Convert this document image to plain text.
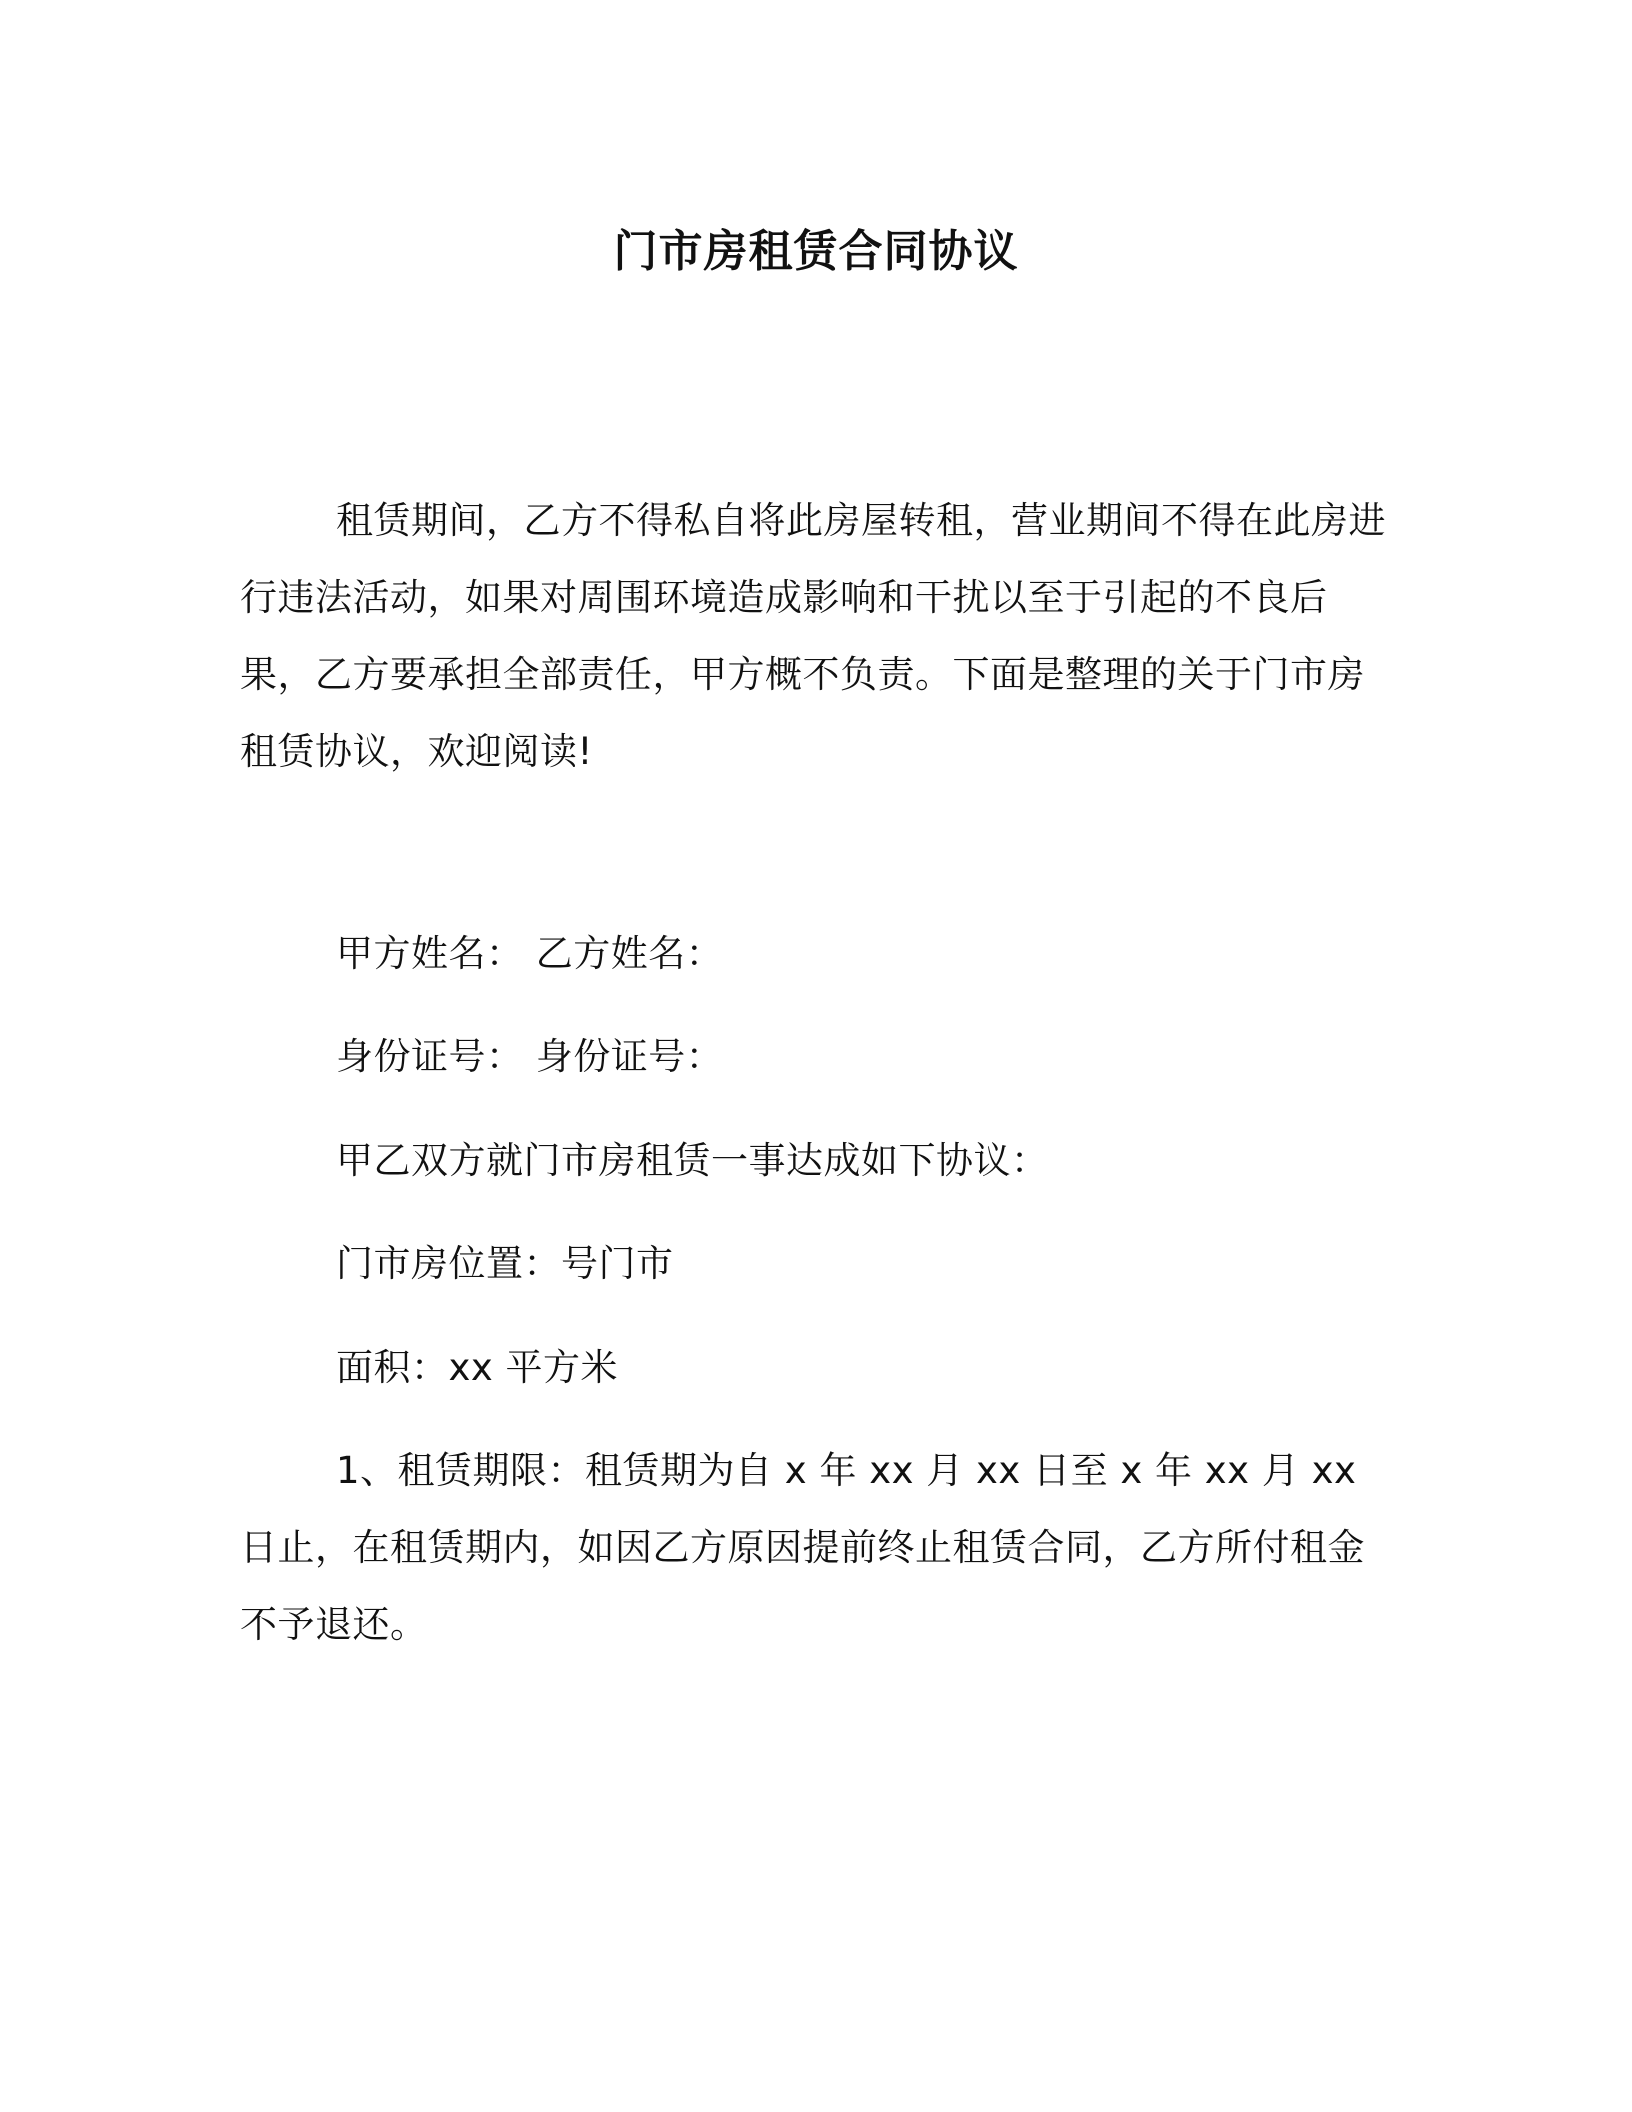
门市房租赁合同协议

租赁期间，乙方不得私自将此房屋转租，营业期间不得在此房进行违法活动，如果对周围环境造成影响和干扰以至于引起的不良后果，乙方要承担全部责任，甲方概不负责。下面是整理的关于门市房租赁协议，欢迎阅读!

甲方姓名： 乙方姓名：

身份证号： 身份证号：

甲乙双方就门市房租赁一事达成如下协议：

门市房位置：号门市

面积：xx 平方米

1、租赁期限：租赁期为自 x 年 xx 月 xx 日至 x 年 xx 月 xx 日止，在租赁期内，如因乙方原因提前终止租赁合同，乙方所付租金不予退还。
